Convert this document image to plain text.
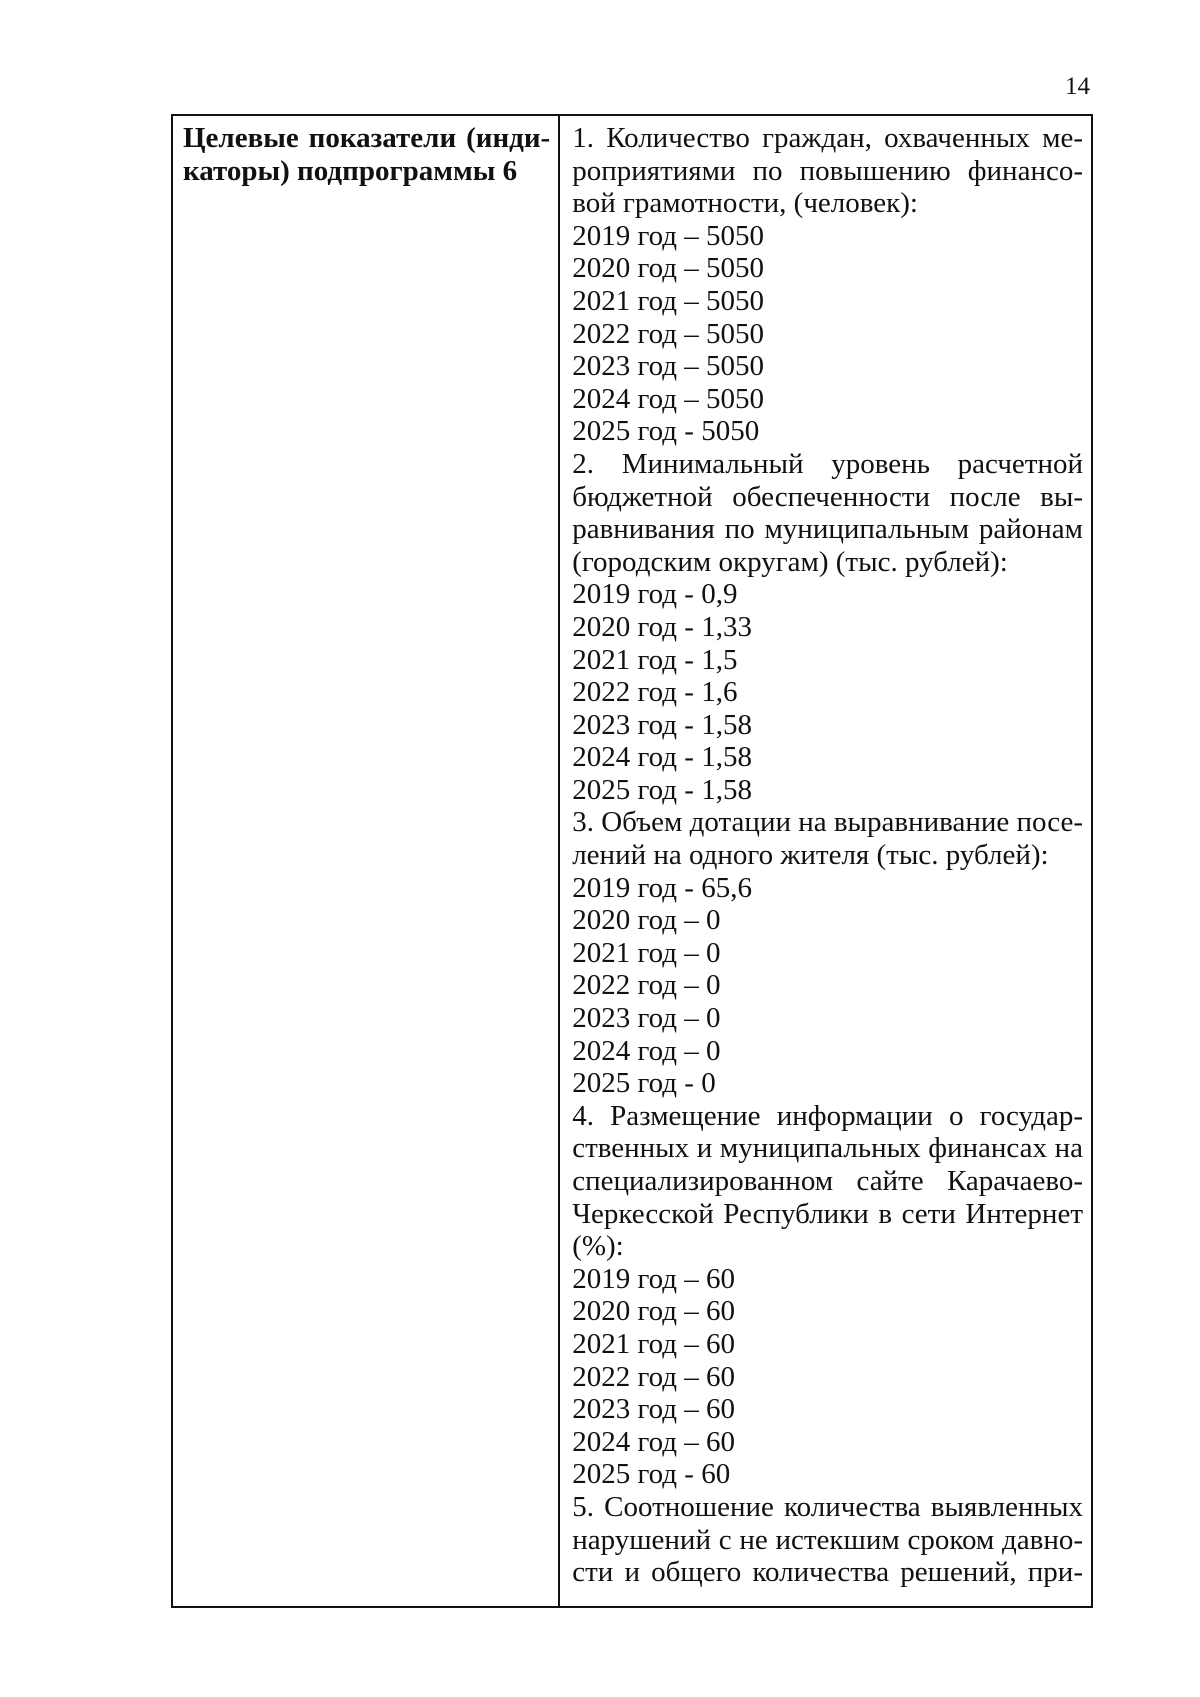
14
Целевые показатели (инди-
каторы) подпрограммы 6
1. Количество граждан, охваченных ме-
роприятиями по повышению финансо-
вой грамотности, (человек):
2019 год – 5050
2020 год – 5050
2021 год – 5050
2022 год – 5050
2023 год – 5050
2024 год – 5050
2025 год - 5050
2. Минимальный уровень расчетной
бюджетной обеспеченности после вы-
равнивания по муниципальным районам
(городским округам) (тыс. рублей):
2019 год - 0,9
2020 год - 1,33
2021 год - 1,5
2022 год - 1,6
2023 год - 1,58
2024 год - 1,58
2025 год - 1,58
3. Объем дотации на выравнивание посе-
лений на одного жителя (тыс. рублей):
2019 год - 65,6
2020 год – 0
2021 год – 0
2022 год – 0
2023 год – 0
2024 год – 0
2025 год - 0
4. Размещение информации о государ-
ственных и муниципальных финансах на
специализированном сайте Карачаево-
Черкесской Республики в сети Интернет
(%):
2019 год – 60
2020 год – 60
2021 год – 60
2022 год – 60
2023 год – 60
2024 год – 60
2025 год - 60
5. Соотношение количества выявленных
нарушений с не истекшим сроком давно-
сти и общего количества решений, при-
